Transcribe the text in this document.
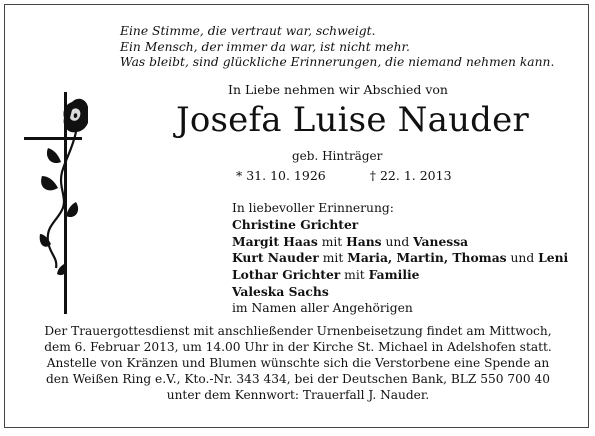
Eine Stimme, die vertraut war, schweigt.
Ein Mensch, der immer da war, ist nicht mehr.
Was bleibt, sind glückliche Erinnerungen, die niemand nehmen kann.
In Liebe nehmen wir Abschied von
Josefa Luise Nauder
geb. Hinträger
* 31. 10. 1926	† 22. 1. 2013
In liebevoller Erinnerung:
Christine Grichter
Margit Haas mit Hans und Vanessa
Kurt Nauder mit Maria, Martin, Thomas und Leni
Lothar Grichter mit Familie
Valeska Sachs
im Namen aller Angehörigen
Der Trauergottesdienst mit anschließender Urnenbeisetzung findet am Mittwoch,
dem 6. Februar 2013, um 14.00 Uhr in der Kirche St. Michael in Adelshofen statt.
Anstelle von Kränzen und Blumen wünschte sich die Verstorbene eine Spende an
den Weißen Ring e.V., Kto.-Nr. 343 434, bei der Deutschen Bank, BLZ 550 700 40
unter dem Kennwort: Trauerfall J. Nauder.
